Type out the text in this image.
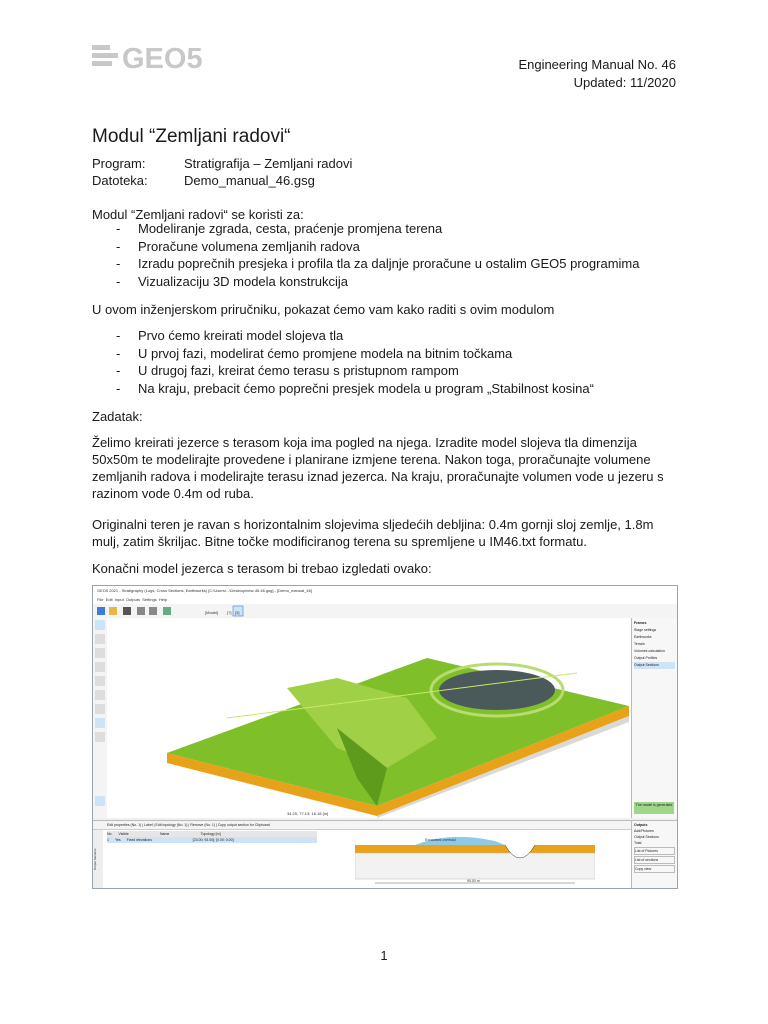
GEO5	Engineering Manual No. 46
Updated: 11/2020
Modul “Zemljani radovi“
Program:	Stratigrafija – Zemljani radovi
Datoteka:	Demo_manual_46.gsg

Modul “Zemljani radovi“ se koristi za:

- Modeliranje zgrada, cesta, praćenje promjena terena
- Proračune volumena zemljanih radova
- Izradu poprečnih presjeka i profila tla za daljnje proračune u ostalim GEO5 programima
- Vizualizaciju 3D modela konstrukcija

U ovom inženjerskom priručniku, pokazat ćemo vam kako raditi s ovim modulom

- Prvo ćemo kreirati model slojeva tla
- U prvoj fazi, modelirat ćemo promjene modela na bitnim točkama
- U drugoj fazi, kreirat ćemo terasu s pristupnom rampom
- Na kraju, prebacit ćemo poprečni presjek modela u program „Stabilnost kosina“

Zadatak:

Želimo kreirati jezerce s terasom koja ima pogled na njega. Izradite model slojeva tla dimenzija 50x50m te modelirajte provedene i planirane izmjene terena. Nakon toga, proračunajte volumene zemljanih radova i modelirajte terasu iznad jezerca. Na kraju, proračunajte volumen vode u jezeru s razinom vode 0.4m od ruba.

Originalni teren je ravan s horizontalnim slojevima sljedećih debljina: 0.4m gornji sloj zemlje, 1.8m mulj, zatim škriljac. Bitne točke modificiranog terena su spremljene u IM46.txt formatu.

Konačni model jezerca s terasom bi trebao izgledati ovako:

GEO5 2021 - Stratigraphy (Logs, Cross Sections, Earthworks) [C:\Users\...\Desktop\new-45.46.gsg] - [Demo_manual_46]
File Edit Input Outputs Settings Help
[Model] [?] [3]
34.25, 77.13; 16.18 [m]
Frames
Stage settings
Earthworks
Terrain
Volumes calculation
Output Profiles
Output Sections
The model is generated
Edit properties (No. 1) | Label | Edit topology (No. 1) | Remove (No. 1) | Copy output section for Clipboard
Output Sections
No. Visible	Name	Topology [m]
1 Yes Fixed elevations	[23.00; 93.00]; [0.00; 0.00]	Excavated overhaul
90.00 m
Outputs
Add/Pictures
Output Sections
Total
List of Pictures
List of sections
Copy view
1
